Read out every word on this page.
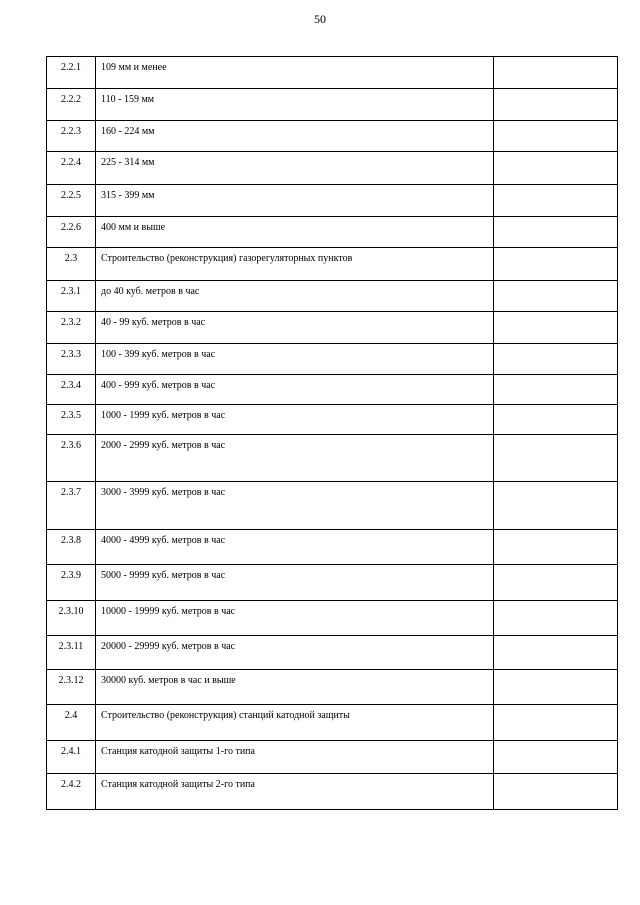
50
2.2.1	109 мм и менее	
2.2.2	110 - 159 мм	
2.2.3	160 - 224 мм	
2.2.4	225 - 314 мм	
2.2.5	315 - 399 мм	
2.2.6	400 мм и выше	
2.3	Строительство (реконструкция) газорегуляторных пунктов	
2.3.1	до 40 куб. метров в час	
2.3.2	40 - 99 куб. метров в час	
2.3.3	100 - 399 куб. метров в час	
2.3.4	400 - 999 куб. метров в час	
2.3.5	1000 - 1999 куб. метров в час	
2.3.6	2000 - 2999 куб. метров в час	
2.3.7	3000 - 3999 куб. метров в час	
2.3.8	4000 - 4999 куб. метров в час	
2.3.9	5000 - 9999 куб. метров в час	
2.3.10	10000 - 19999 куб. метров в час	
2.3.11	20000 - 29999 куб. метров в час	
2.3.12	30000 куб. метров в час и выше	
2.4	Строительство (реконструкция) станций катодной защиты	
2.4.1	Станция катодной защиты 1-го типа	
2.4.2	Станция катодной защиты 2-го типа	
